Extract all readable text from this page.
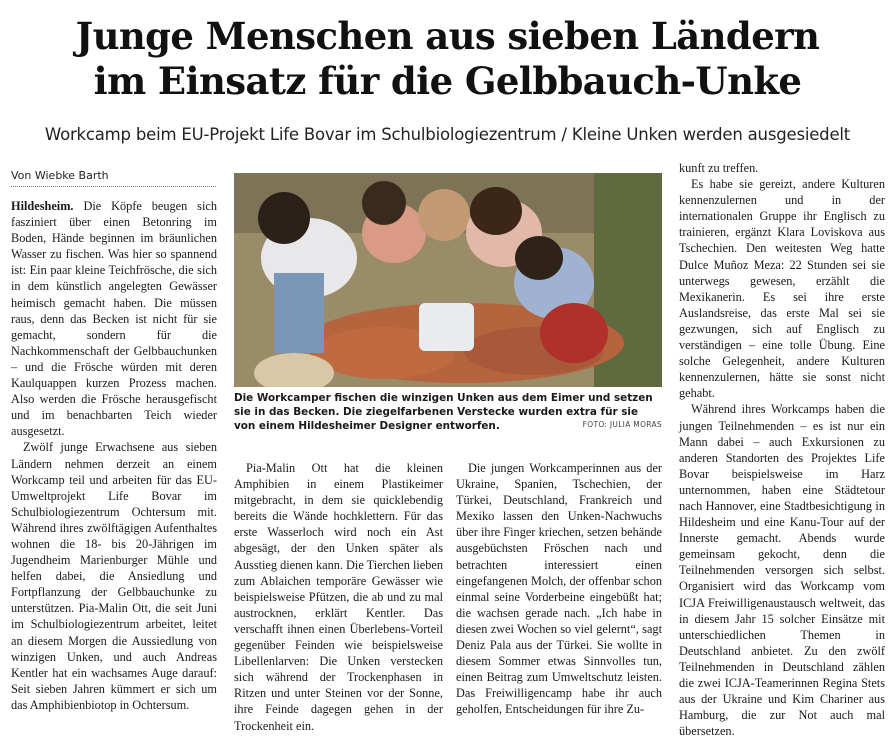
Junge Menschen aus sieben Ländern
im Einsatz für die Gelbbauch-Unke
Workcamp beim EU-Projekt Life Bovar im Schulbiologiezentrum / Kleine Unken werden ausgesiedelt
Von Wiebke Barth

Hildesheim. Die Köpfe beugen sich fasziniert über einen Betonring im Boden, Hände beginnen im bräunlichen Wasser zu fischen. Was hier so spannend ist: Ein paar kleine Teichfrösche, die sich in dem künstlich angelegten Gewässer heimisch gemacht haben. Die müssen raus, denn das Becken ist nicht für sie gemacht, sondern für die Nachkommenschaft der Gelbbauchunken – und die Frösche würden mit deren Kaulquappen kurzen Prozess machen. Also werden die Frösche herausgefischt und im benachbarten Teich wieder ausgesetzt.

Zwölf junge Erwachsene aus sieben Ländern nehmen derzeit an einem Workcamp teil und arbeiten für das EU-Umweltprojekt Life Bovar im Schulbiologiezentrum Ochtersum mit. Während ihres zwölftägigen Aufenthaltes wohnen die 18- bis 20-Jährigen im Jugendheim Marienburger Mühle und helfen dabei, die Ansiedlung und Fortpflanzung der Gelbbauchunke zu unterstützen. Pia-Malin Ott, die seit Juni im Schulbiologiezentrum arbeitet, leitet an diesem Morgen die Aussiedlung von winzigen Unken, und auch Andreas Kentler hat ein wachsames Auge darauf: Seit sieben Jahren kümmert er sich um das Amphibienbiotop in Ochtersum.

Die Workcamper fischen die winzigen Unken aus dem Eimer und setzen sie in das Becken. Die ziegelfarbenen Verstecke wurden extra für sie von einem Hildesheimer Designer entworfen.	FOTO: JULIA MORAS

Pia-Malin Ott hat die kleinen Amphibien in einem Plastikeimer mitgebracht, in dem sie quicklebendig bereits die Wände hochklettern. Für das erste Wasserloch wird noch ein Ast abgesägt, der den Unken später als Ausstieg dienen kann. Die Tierchen lieben zum Ablaichen temporäre Gewässer wie beispielsweise Pfützen, die ab und zu mal austrocknen, erklärt Kentler. Das verschafft ihnen einen Überlebens-Vorteil gegenüber Feinden wie beispielsweise Libellenlarven: Die Unken verstecken sich während der Trockenphasen in Ritzen und unter Steinen vor der Sonne, ihre Feinde dagegen gehen in der Trockenheit ein.

Die jungen Workcamperinnen aus der Ukraine, Spanien, Tschechien, der Türkei, Deutschland, Frankreich und Mexiko lassen den Unken-Nachwuchs über ihre Finger kriechen, setzen behände ausgebüchsten Fröschen nach und betrachten interessiert einen eingefangenen Molch, der offenbar schon einmal seine Vorderbeine eingebüßt hat; die wachsen gerade nach. „Ich habe in diesen zwei Wochen so viel gelernt“, sagt Deniz Pala aus der Türkei. Sie wollte in diesem Sommer etwas Sinnvolles tun, einen Beitrag zum Umweltschutz leisten. Das Freiwilligencamp habe ihr auch geholfen, Entscheidungen für ihre Zu-

kunft zu treffen.

Es habe sie gereizt, andere Kulturen kennenzulernen und in der internationalen Gruppe ihr Englisch zu trainieren, ergänzt Klara Loviskova aus Tschechien. Den weitesten Weg hatte Dulce Muñoz Meza: 22 Stunden sei sie unterwegs gewesen, erzählt die Mexikanerin. Es sei ihre erste Auslandsreise, das erste Mal sei sie gezwungen, sich auf Englisch zu verständigen – eine tolle Übung. Eine solche Gelegenheit, andere Kulturen kennenzulernen, hätte sie sonst nicht gehabt.

Während ihres Workcamps haben die jungen Teilnehmenden – es ist nur ein Mann dabei – auch Exkursionen zu anderen Standorten des Projektes Life Bovar beispielsweise im Harz unternommen, haben eine Städtetour nach Hannover, eine Stadtbesichtigung in Hildesheim und eine Kanu-Tour auf der Innerste gemacht. Abends wurde gemeinsam gekocht, denn die Teilnehmenden versorgen sich selbst. Organisiert wird das Workcamp vom ICJA Freiwilligenaustausch weltweit, das in diesem Jahr 15 solcher Einsätze mit unterschiedlichen Themen in Deutschland anbietet. Zu den zwölf Teilnehmenden in Deutschland zählen die zwei ICJA-Teamerinnen Regina Stets aus der Ukraine und Kim Chariner aus Hamburg, die zur Not auch mal übersetzen.
